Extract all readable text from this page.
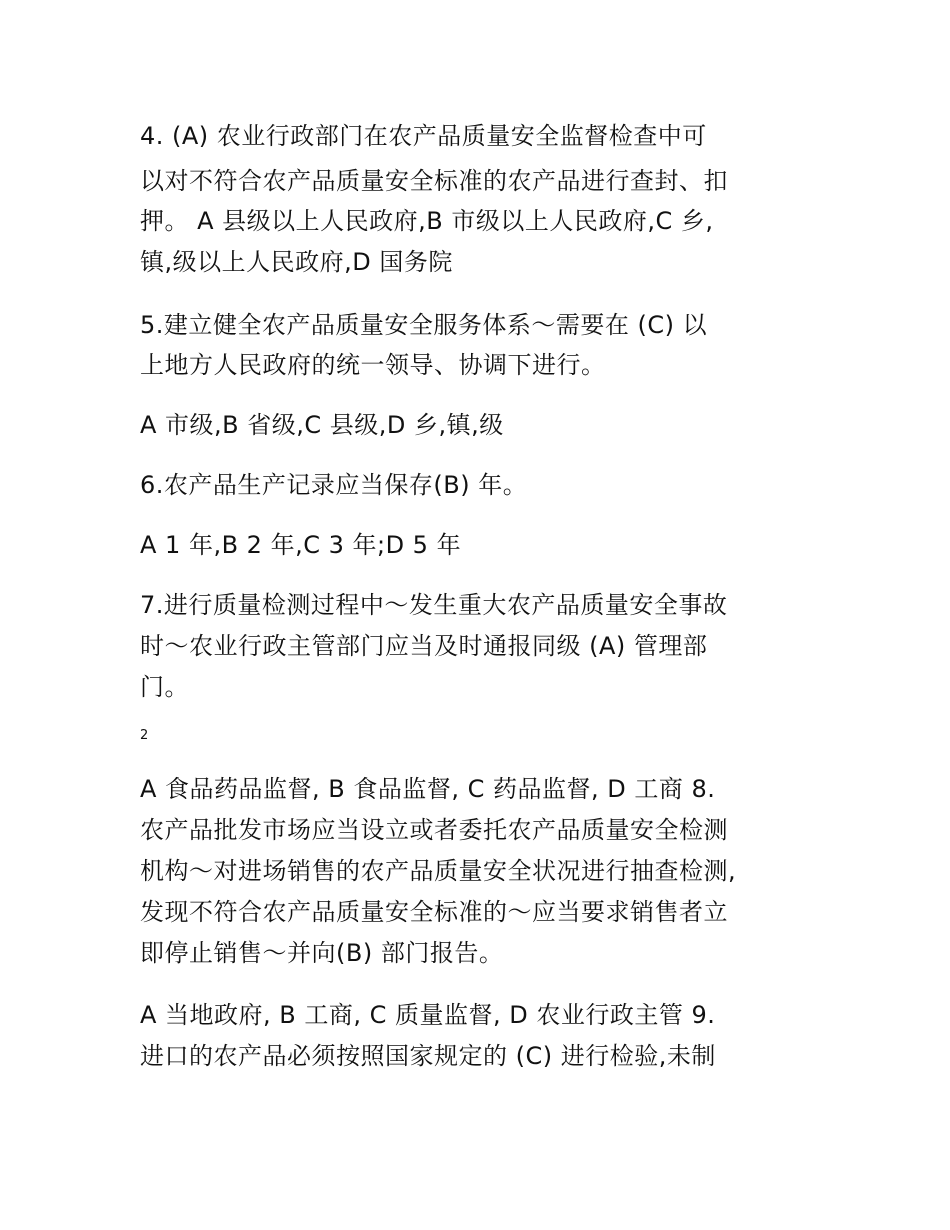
4. (A) 农业行政部门在农产品质量安全监督检查中可
以对不符合农产品质量安全标准的农产品进行查封、扣
押。 A 县级以上人民政府,B 市级以上人民政府,C 乡,
镇,级以上人民政府,D 国务院
5.建立健全农产品质量安全服务体系～需要在 (C) 以
上地方人民政府的统一领导、协调下进行。
A 市级,B 省级,C 县级,D 乡,镇,级
6.农产品生产记录应当保存(B) 年。
A 1 年,B 2 年,C 3 年;D 5 年
7.进行质量检测过程中～发生重大农产品质量安全事故
时～农业行政主管部门应当及时通报同级 (A) 管理部
门。
2
A 食品药品监督, B 食品监督, C 药品监督, D 工商 8.
农产品批发市场应当设立或者委托农产品质量安全检测
机构～对进场销售的农产品质量安全状况进行抽查检测,
发现不符合农产品质量安全标准的～应当要求销售者立
即停止销售～并向(B) 部门报告。
A 当地政府, B 工商, C 质量监督, D 农业行政主管 9.
进口的农产品必须按照国家规定的 (C) 进行检验,未制
